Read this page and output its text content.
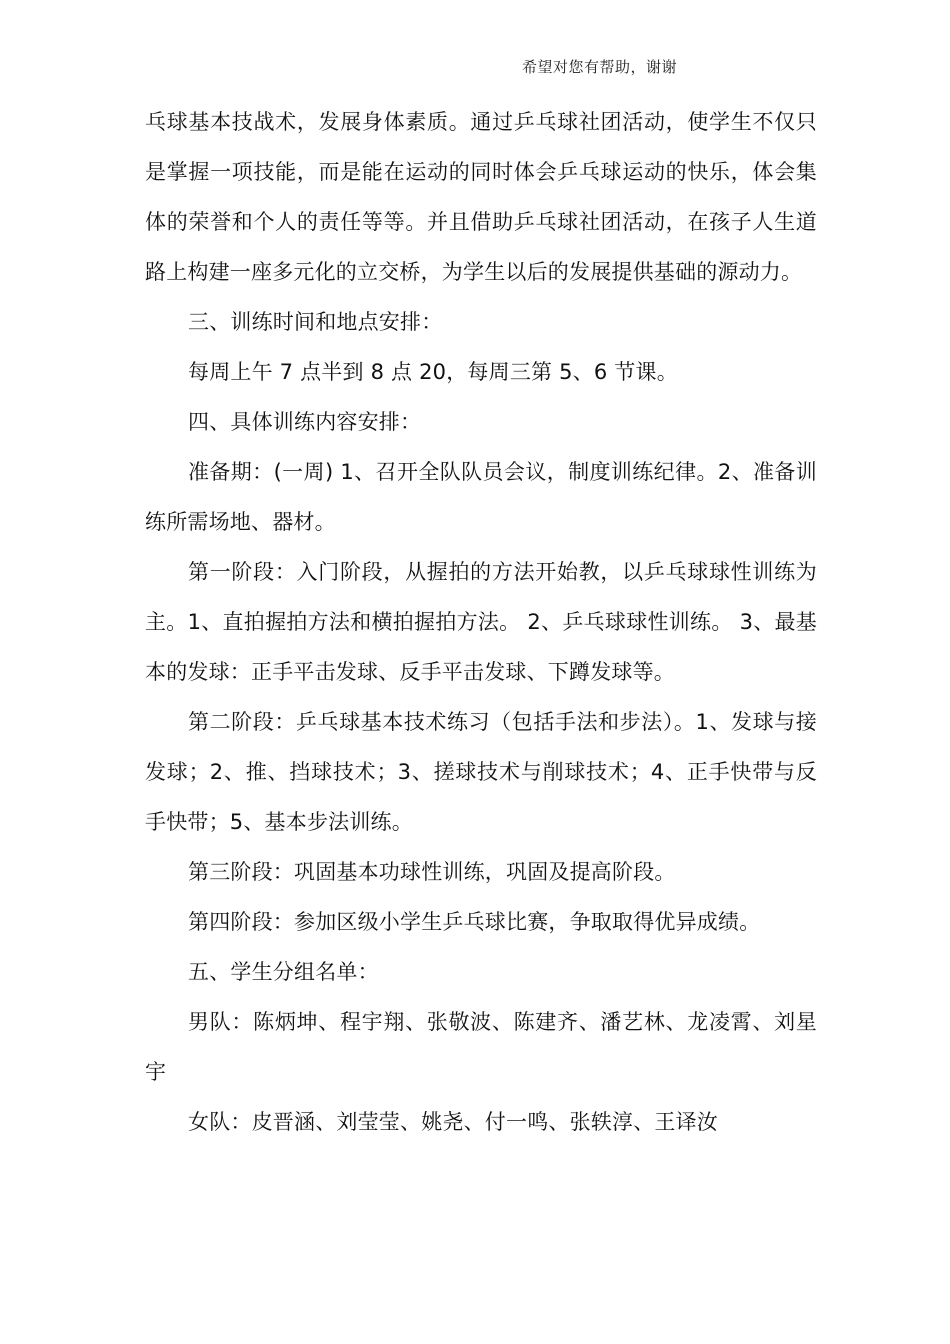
希望对您有帮助，谢谢

乓球基本技战术，发展身体素质。通过乒乓球社团活动，使学生不仅只是掌握一项技能，而是能在运动的同时体会乒乓球运动的快乐，体会集体的荣誉和个人的责任等等。并且借助乒乓球社团活动，在孩子人生道路上构建一座多元化的立交桥，为学生以后的发展提供基础的源动力。

三、训练时间和地点安排：

每周上午 7 点半到 8 点 20，每周三第 5、6 节课。

四、具体训练内容安排：

准备期：(一周) 1、召开全队队员会议，制度训练纪律。2、准备训练所需场地、器材。

第一阶段：入门阶段，从握拍的方法开始教，以乒乓球球性训练为主。1、直拍握拍方法和横拍握拍方法。 2、乒乓球球性训练。 3、最基本的发球：正手平击发球、反手平击发球、下蹲发球等。

第二阶段：乒乓球基本技术练习（包括手法和步法）。1、发球与接发球；2、推、挡球技术；3、搓球技术与削球技术；4、正手快带与反手快带；5、基本步法训练。

第三阶段：巩固基本功球性训练，巩固及提高阶段。

第四阶段：参加区级小学生乒乓球比赛，争取取得优异成绩。

五、学生分组名单：

男队：陈炳坤、程宇翔、张敬波、陈建齐、潘艺林、龙凌霄、刘星宇

女队：皮晋涵、刘莹莹、姚尧、付一鸣、张轶淳、王译汝
